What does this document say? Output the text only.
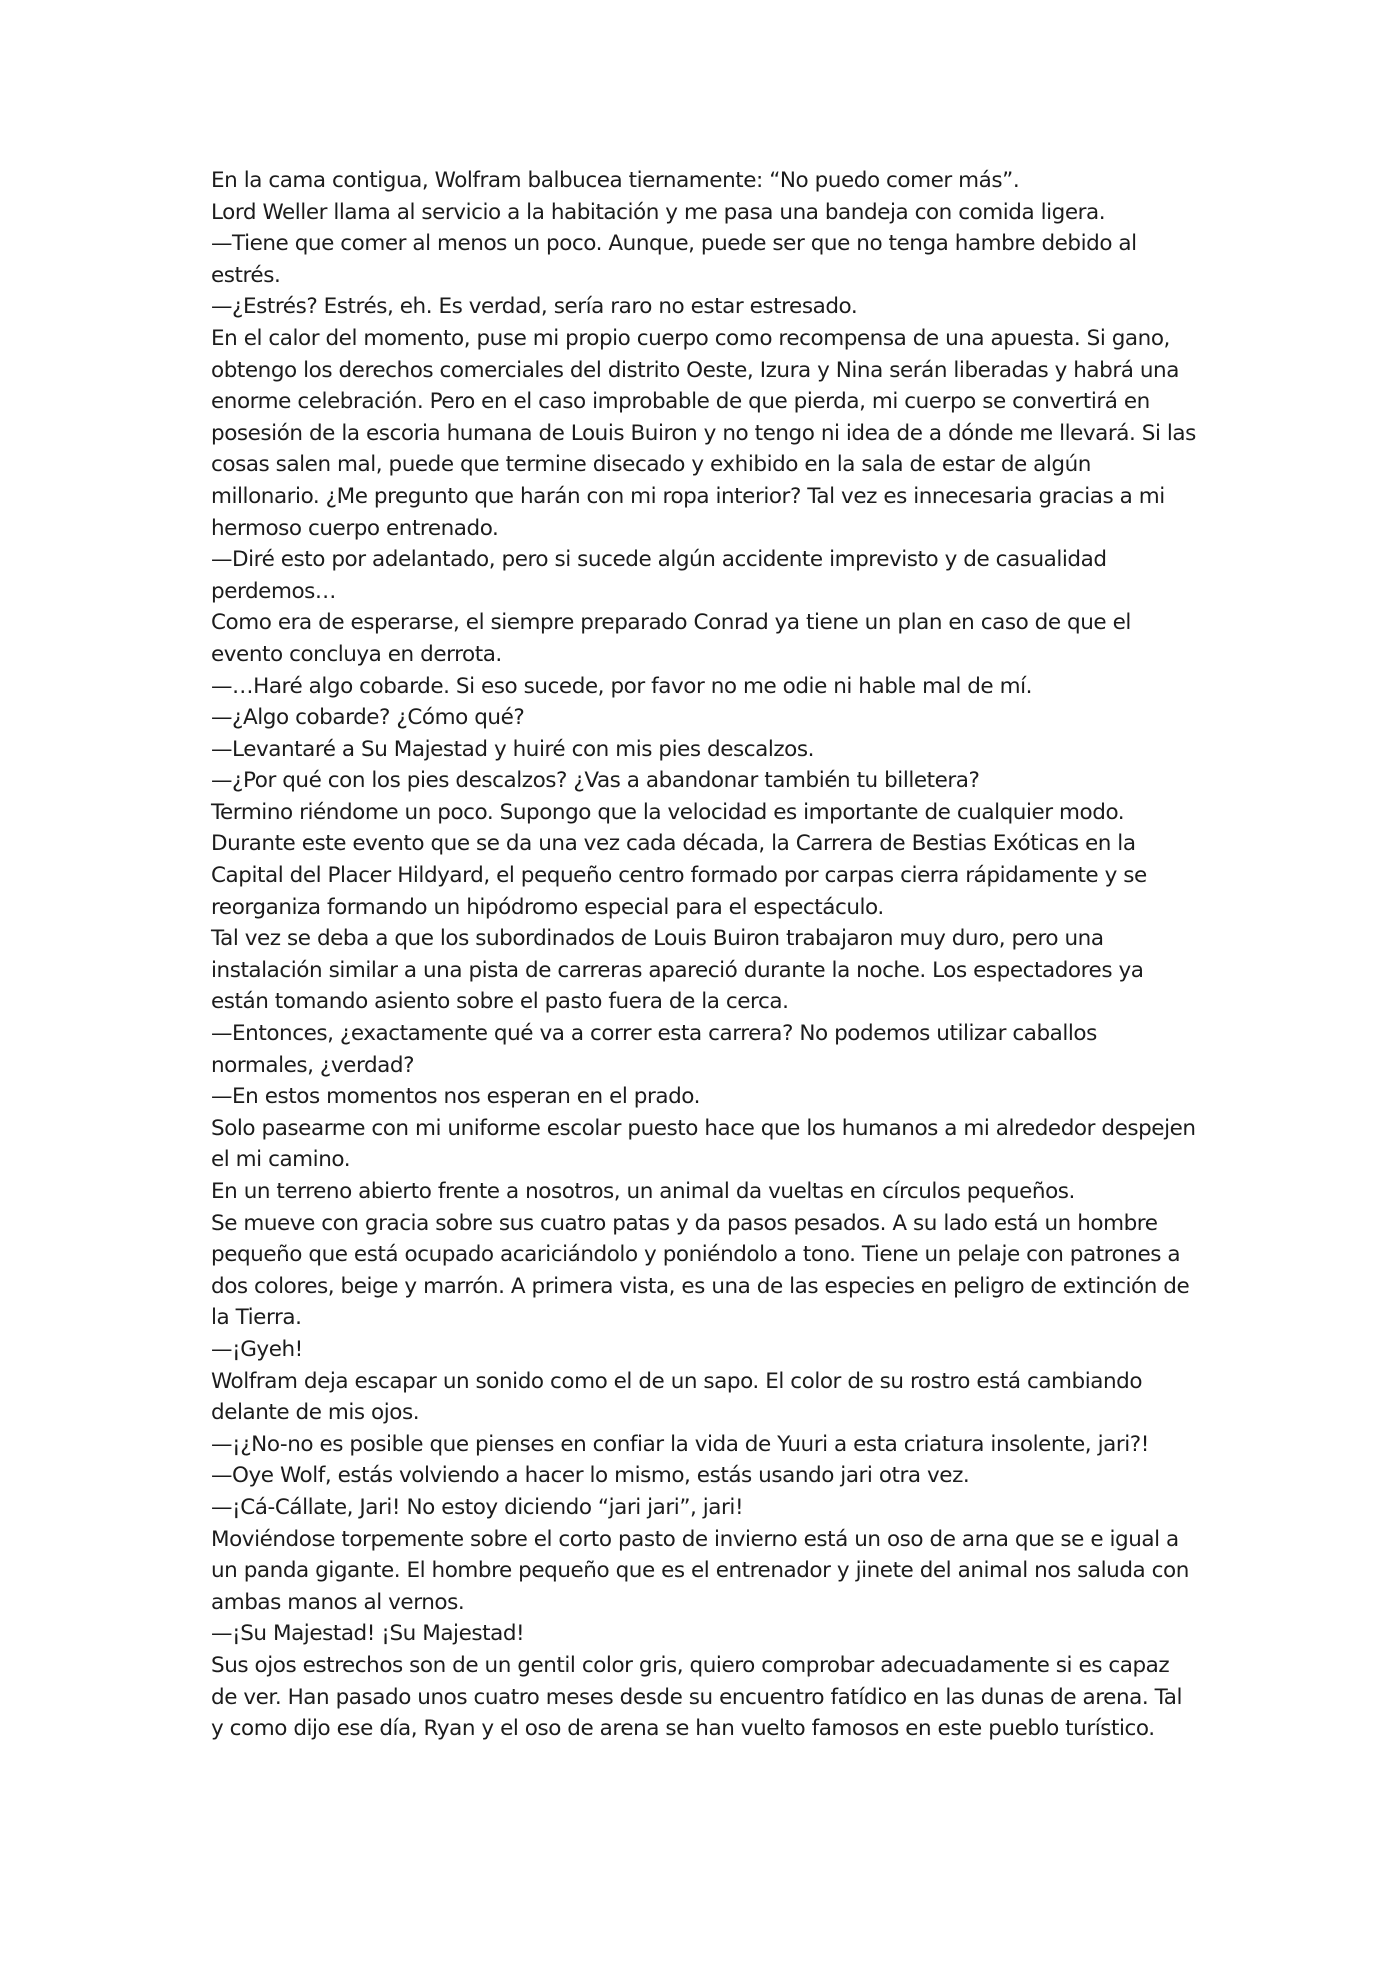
En la cama contigua, Wolfram balbucea tiernamente: “No puedo comer más”.

Lord Weller llama al servicio a la habitación y me pasa una bandeja con comida ligera.

—Tiene que comer al menos un poco. Aunque, puede ser que no tenga hambre debido al estrés.

—¿Estrés? Estrés, eh. Es verdad, sería raro no estar estresado.

En el calor del momento, puse mi propio cuerpo como recompensa de una apuesta. Si gano, obtengo los derechos comerciales del distrito Oeste, Izura y Nina serán liberadas y habrá una enorme celebración. Pero en el caso improbable de que pierda, mi cuerpo se convertirá en posesión de la escoria humana de Louis Buiron y no tengo ni idea de a dónde me llevará. Si las cosas salen mal, puede que termine disecado y exhibido en la sala de estar de algún millonario. ¿Me pregunto que harán con mi ropa interior? Tal vez es innecesaria gracias a mi hermoso cuerpo entrenado.

—Diré esto por adelantado, pero si sucede algún accidente imprevisto y de casualidad perdemos…

Como era de esperarse, el siempre preparado Conrad ya tiene un plan en caso de que el evento concluya en derrota.

—…Haré algo cobarde. Si eso sucede, por favor no me odie ni hable mal de mí.

—¿Algo cobarde? ¿Cómo qué?

—Levantaré a Su Majestad y huiré con mis pies descalzos.

—¿Por qué con los pies descalzos? ¿Vas a abandonar también tu billetera?

Termino riéndome un poco. Supongo que la velocidad es importante de cualquier modo.

Durante este evento que se da una vez cada década, la Carrera de Bestias Exóticas en la Capital del Placer Hildyard, el pequeño centro formado por carpas cierra rápidamente y se reorganiza formando un hipódromo especial para el espectáculo.

Tal vez se deba a que los subordinados de Louis Buiron trabajaron muy duro, pero una instalación similar a una pista de carreras apareció durante la noche. Los espectadores ya están tomando asiento sobre el pasto fuera de la cerca.

—Entonces, ¿exactamente qué va a correr esta carrera? No podemos utilizar caballos normales, ¿verdad?

—En estos momentos nos esperan en el prado.

Solo pasearme con mi uniforme escolar puesto hace que los humanos a mi alrededor despejen el mi camino.

En un terreno abierto frente a nosotros, un animal da vueltas en círculos pequeños.

Se mueve con gracia sobre sus cuatro patas y da pasos pesados. A su lado está un hombre pequeño que está ocupado acariciándolo y poniéndolo a tono. Tiene un pelaje con patrones a dos colores, beige y marrón. A primera vista, es una de las especies en peligro de extinción de la Tierra.

—¡Gyeh!

Wolfram deja escapar un sonido como el de un sapo. El color de su rostro está cambiando delante de mis ojos.

—¡¿No-no es posible que pienses en confiar la vida de Yuuri a esta criatura insolente, jari?!

—Oye Wolf, estás volviendo a hacer lo mismo, estás usando jari otra vez.

—¡Cá-Cállate, Jari! No estoy diciendo “jari jari”, jari!

Moviéndose torpemente sobre el corto pasto de invierno está un oso de arna que se e igual a un panda gigante. El hombre pequeño que es el entrenador y jinete del animal nos saluda con ambas manos al vernos.

—¡Su Majestad! ¡Su Majestad!

Sus ojos estrechos son de un gentil color gris, quiero comprobar adecuadamente si es capaz de ver. Han pasado unos cuatro meses desde su encuentro fatídico en las dunas de arena. Tal y como dijo ese día, Ryan y el oso de arena se han vuelto famosos en este pueblo turístico.
